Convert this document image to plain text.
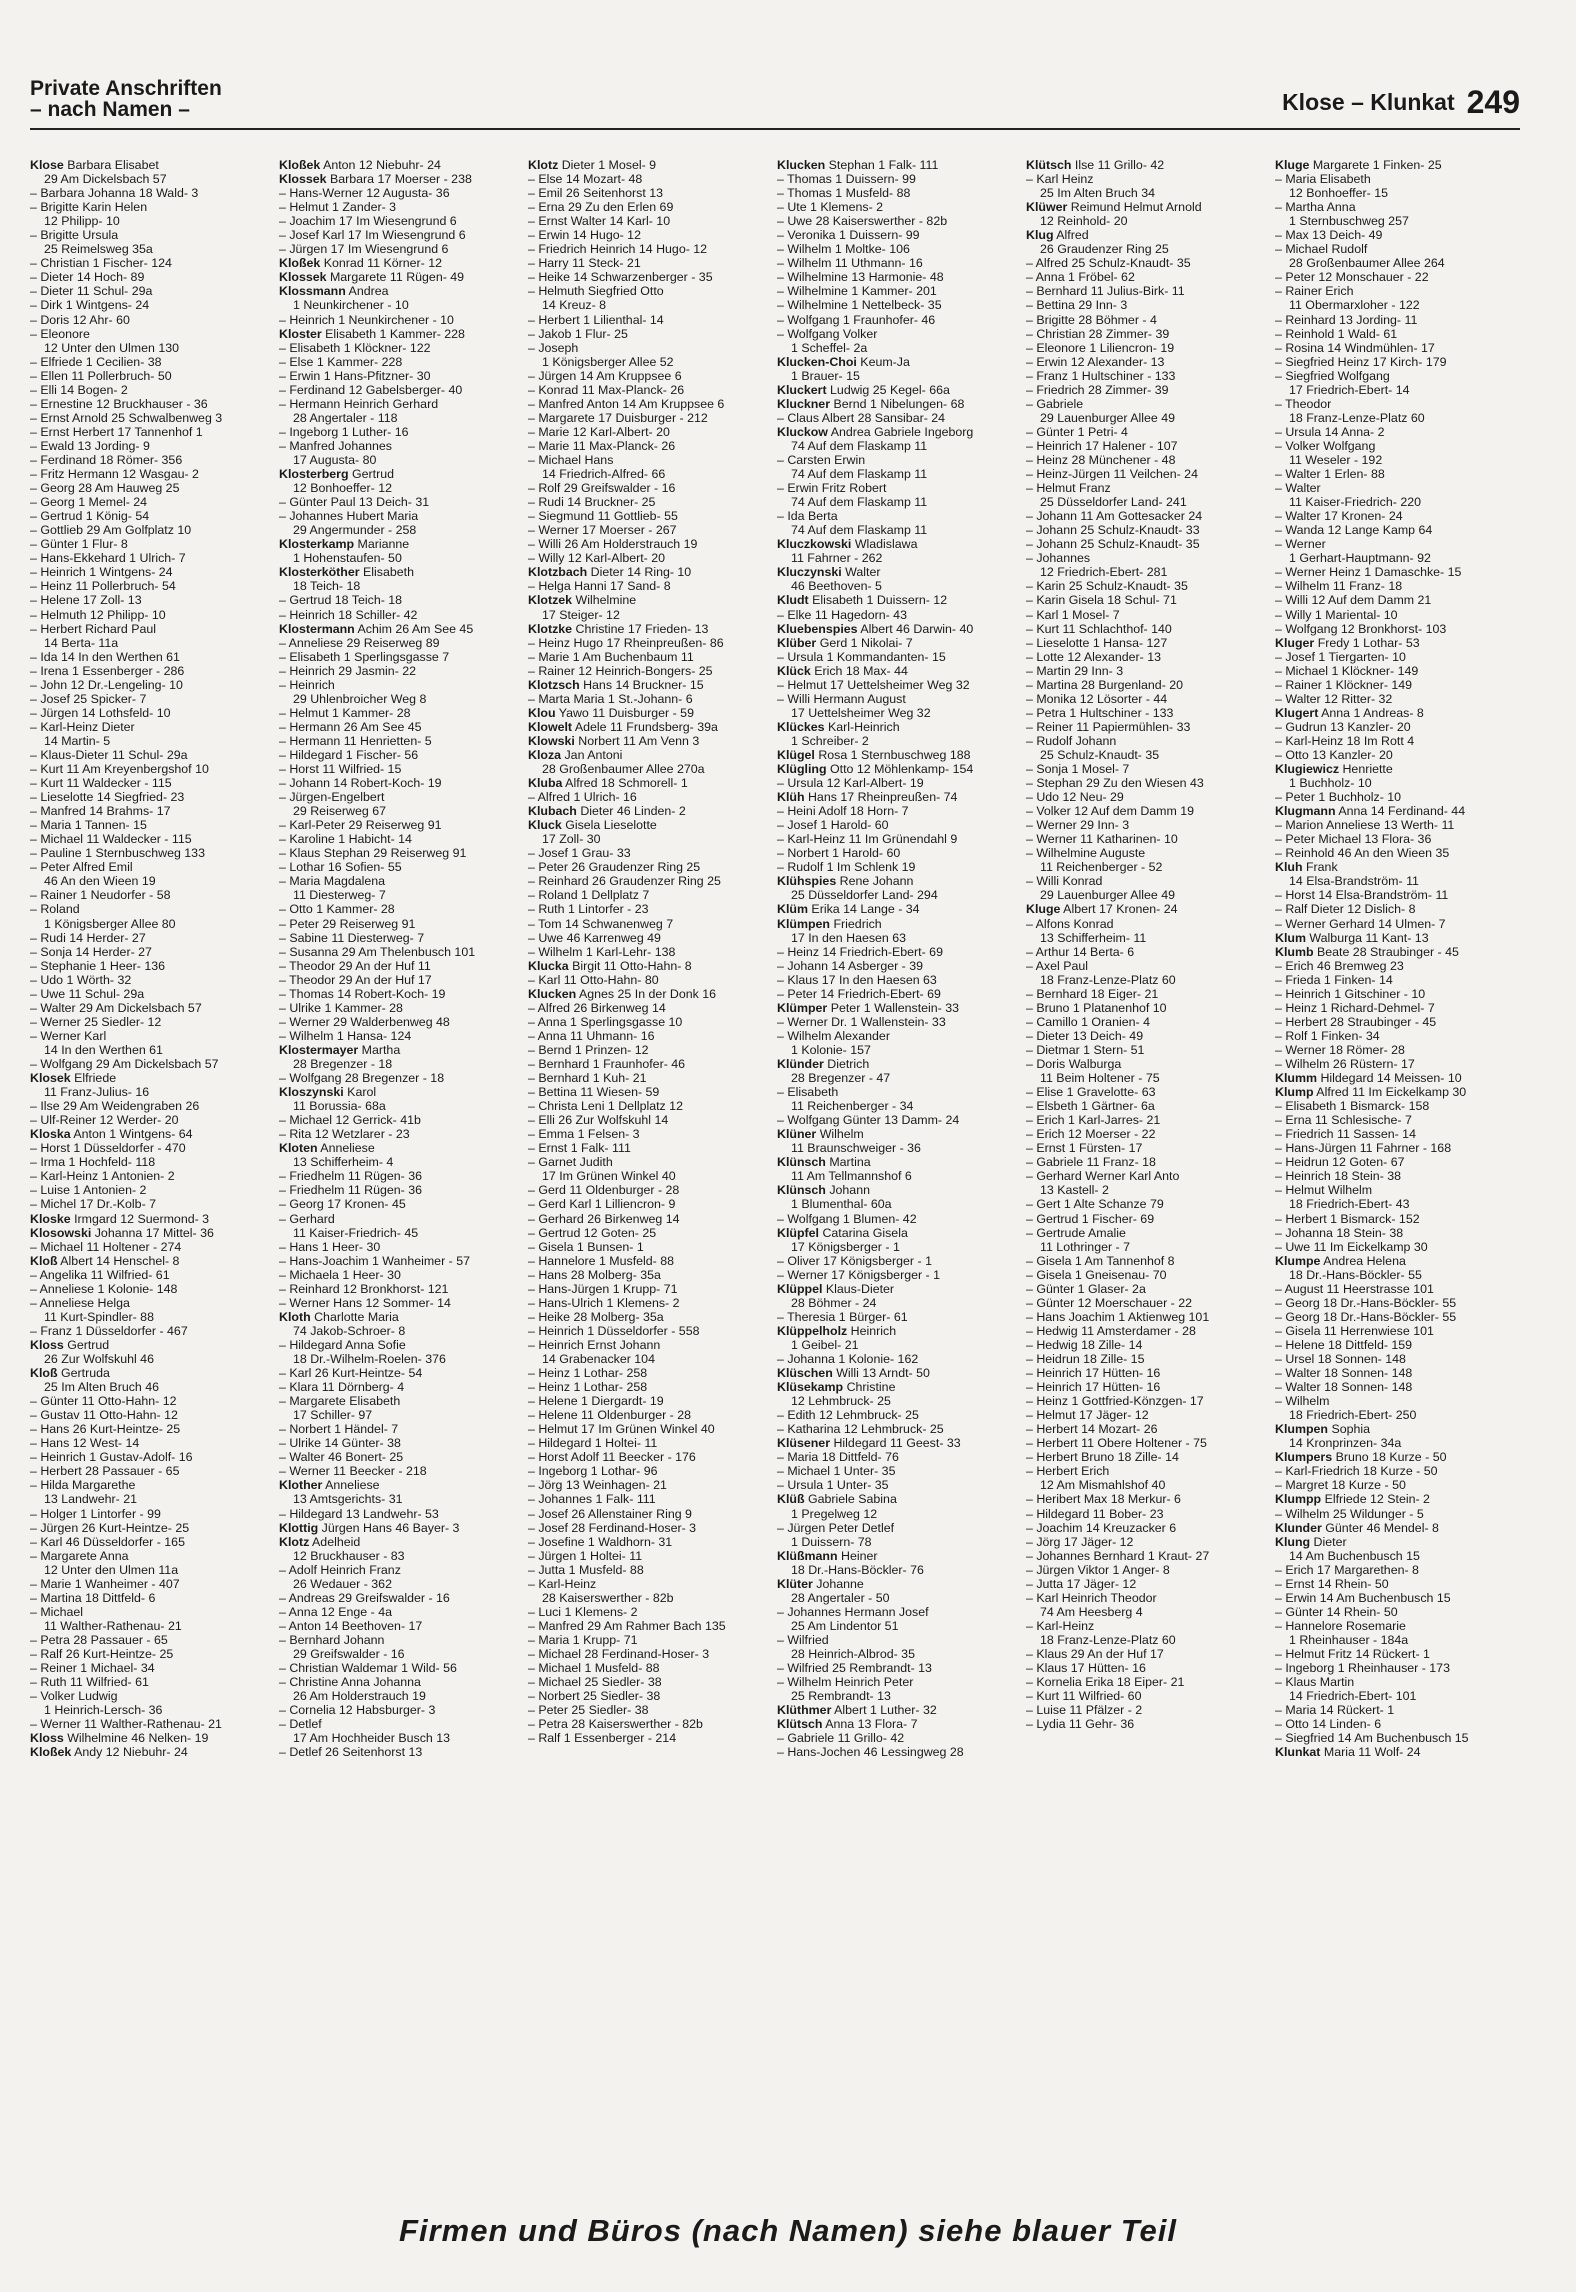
Private Anschriften
– nach Namen –	Klose – Klunkat 249
Klose Barbara Elisabet
29 Am Dickelsbach 57
– Barbara Johanna 18 Wald- 3
– Brigitte Karin Helen
12 Philipp- 10
– Brigitte Ursula
25 Reimelsweg 35a
– Christian 1 Fischer- 124
– Dieter 14 Hoch- 89
– Dieter 11 Schul- 29a
– Dirk 1 Wintgens- 24
– Doris 12 Ahr- 60
– Eleonore
12 Unter den Ulmen 130
– Elfriede 1 Cecilien- 38
– Ellen 11 Pollerbruch- 50
– Elli 14 Bogen- 2
– Ernestine 12 Bruckhauser - 36
– Ernst Arnold 25 Schwalbenweg 3
– Ernst Herbert 17 Tannenhof 1
– Ewald 13 Jording- 9
– Ferdinand 18 Römer- 356
– Fritz Hermann 12 Wasgau- 2
– Georg 28 Am Hauweg 25
– Georg 1 Memel- 24
– Gertrud 1 König- 54
– Gottlieb 29 Am Golfplatz 10
– Günter 1 Flur- 8
– Hans-Ekkehard 1 Ulrich- 7
– Heinrich 1 Wintgens- 24
– Heinz 11 Pollerbruch- 54
– Helene 17 Zoll- 13
– Helmuth 12 Philipp- 10
– Herbert Richard Paul
14 Berta- 11a
– Ida 14 In den Werthen 61
– Irena 1 Essenberger - 286
– John 12 Dr.-Lengeling- 10
– Josef 25 Spicker- 7
– Jürgen 14 Lothsfeld- 10
– Karl-Heinz Dieter
14 Martin- 5
– Klaus-Dieter 11 Schul- 29a
– Kurt 11 Am Kreyenbergshof 10
– Kurt 11 Waldecker - 115
– Lieselotte 14 Siegfried- 23
– Manfred 14 Brahms- 17
– Maria 1 Tannen- 15
– Michael 11 Waldecker - 115
– Pauline 1 Sternbuschweg 133
– Peter Alfred Emil
46 An den Wieen 19
– Rainer 1 Neudorfer - 58
– Roland
1 Königsberger Allee 80
– Rudi 14 Herder- 27
– Sonja 14 Herder- 27
– Stephanie 1 Heer- 136
– Udo 1 Wörth- 32
– Uwe 11 Schul- 29a
– Walter 29 Am Dickelsbach 57
– Werner 25 Siedler- 12
– Werner Karl
14 In den Werthen 61
– Wolfgang 29 Am Dickelsbach 57
Klosek Elfriede
11 Franz-Julius- 16
– Ilse 29 Am Weidengraben 26
– Ulf-Reiner 12 Werder- 20
Kloska Anton 1 Wintgens- 64
– Horst 1 Düsseldorfer - 470
– Irma 1 Hochfeld- 118
– Karl-Heinz 1 Antonien- 2
– Luise 1 Antonien- 2
– Michel 17 Dr.-Kolb- 7
Kloske Irmgard 12 Suermond- 3
Klosowski Johanna 17 Mittel- 36
– Michael 11 Holtener - 274
Kloß Albert 14 Henschel- 8
– Angelika 11 Wilfried- 61
– Anneliese 1 Kolonie- 148
– Anneliese Helga
11 Kurt-Spindler- 88
– Franz 1 Düsseldorfer - 467
Kloss Gertrud
26 Zur Wolfskuhl 46
Kloß Gertruda
25 Im Alten Bruch 46
– Günter 11 Otto-Hahn- 12
– Gustav 11 Otto-Hahn- 12
– Hans 26 Kurt-Heintze- 25
– Hans 12 West- 14
– Heinrich 1 Gustav-Adolf- 16
– Herbert 28 Passauer - 65
– Hilda Margarethe
13 Landwehr- 21
– Holger 1 Lintorfer - 99
– Jürgen 26 Kurt-Heintze- 25
– Karl 46 Düsseldorfer - 165
– Margarete Anna
12 Unter den Ulmen 11a
– Marie 1 Wanheimer - 407
– Martina 18 Dittfeld- 6
– Michael
11 Walther-Rathenau- 21
– Petra 28 Passauer - 65
– Ralf 26 Kurt-Heintze- 25
– Reiner 1 Michael- 34
– Ruth 11 Wilfried- 61
– Volker Ludwig
1 Heinrich-Lersch- 36
– Werner 11 Walther-Rathenau- 21
Kloss Wilhelmine 46 Nelken- 19
Kloßek Andy 12 Niebuhr- 24
Kloßek Anton 12 Niebuhr- 24
Klossek Barbara 17 Moerser - 238
– Hans-Werner 12 Augusta- 36
– Helmut 1 Zander- 3
– Joachim 17 Im Wiesengrund 6
– Josef Karl 17 Im Wiesengrund 6
– Jürgen 17 Im Wiesengrund 6
Kloßek Konrad 11 Körner- 12
Klossek Margarete 11 Rügen- 49
Klossmann Andrea
1 Neunkirchener - 10
– Heinrich 1 Neunkirchener - 10
Kloster Elisabeth 1 Kammer- 228
– Elisabeth 1 Klöckner- 122
– Else 1 Kammer- 228
– Erwin 1 Hans-Pfitzner- 30
– Ferdinand 12 Gabelsberger- 40
– Hermann Heinrich Gerhard
28 Angertaler - 118
– Ingeborg 1 Luther- 16
– Manfred Johannes
17 Augusta- 80
Klosterberg Gertrud
12 Bonhoeffer- 12
– Günter Paul 13 Deich- 31
– Johannes Hubert Maria
29 Angermunder - 258
Klosterkamp Marianne
1 Hohenstaufen- 50
Klosterköther Elisabeth
18 Teich- 18
– Gertrud 18 Teich- 18
– Heinrich 18 Schiller- 42
Klostermann Achim 26 Am See 45
– Anneliese 29 Reiserweg 89
– Elisabeth 1 Sperlingsgasse 7
– Heinrich 29 Jasmin- 22
– Heinrich
29 Uhlenbroicher Weg 8
– Helmut 1 Kammer- 28
– Hermann 26 Am See 45
– Hermann 11 Henrietten- 5
– Hildegard 1 Fischer- 56
– Horst 11 Wilfried- 15
– Johann 14 Robert-Koch- 19
– Jürgen-Engelbert
29 Reiserweg 67
– Karl-Peter 29 Reiserweg 91
– Karoline 1 Habicht- 14
– Klaus Stephan 29 Reiserweg 91
– Lothar 16 Sofien- 55
– Maria Magdalena
11 Diesterweg- 7
– Otto 1 Kammer- 28
– Peter 29 Reiserweg 91
– Sabine 11 Diesterweg- 7
– Susanna 29 Am Thelenbusch 101
– Theodor 29 An der Huf 11
– Theodor 29 An der Huf 17
– Thomas 14 Robert-Koch- 19
– Ulrike 1 Kammer- 28
– Werner 29 Walderbenweg 48
– Wilhelm 1 Hansa- 124
Klostermayer Martha
28 Bregenzer - 18
– Wolfgang 28 Bregenzer - 18
Kloszynski Karol
11 Borussia- 68a
– Michael 12 Gerrick- 41b
– Rita 12 Wetzlarer - 23
Kloten Anneliese
13 Schifferheim- 4
– Friedhelm 11 Rügen- 36
– Friedhelm 11 Rügen- 36
– Georg 17 Kronen- 45
– Gerhard
11 Kaiser-Friedrich- 45
– Hans 1 Heer- 30
– Hans-Joachim 1 Wanheimer - 57
– Michaela 1 Heer- 30
– Reinhard 12 Bronkhorst- 121
– Werner Hans 12 Sommer- 14
Kloth Charlotte Maria
74 Jakob-Schroer- 8
– Hildegard Anna Sofie
18 Dr.-Wilhelm-Roelen- 376
– Karl 26 Kurt-Heintze- 54
– Klara 11 Dörnberg- 4
– Margarete Elisabeth
17 Schiller- 97
– Norbert 1 Händel- 7
– Ulrike 14 Günter- 38
– Walter 46 Bonert- 25
– Werner 11 Beecker - 218
Klother Anneliese
13 Amtsgerichts- 31
– Hildegard 13 Landwehr- 53
Klottig Jürgen Hans 46 Bayer- 3
Klotz Adelheid
12 Bruckhauser - 83
– Adolf Heinrich Franz
26 Wedauer - 362
– Andreas 29 Greifswalder - 16
– Anna 12 Enge - 4a
– Anton 14 Beethoven- 17
– Bernhard Johann
29 Greifswalder - 16
– Christian Waldemar 1 Wild- 56
– Christine Anna Johanna
26 Am Holderstrauch 19
– Cornelia 12 Habsburger- 3
– Detlef
17 Am Hochheider Busch 13
– Detlef 26 Seitenhorst 13
Klotz Dieter 1 Mosel- 9
– Else 14 Mozart- 48
– Emil 26 Seitenhorst 13
– Erna 29 Zu den Erlen 69
– Ernst Walter 14 Karl- 10
– Erwin 14 Hugo- 12
– Friedrich Heinrich 14 Hugo- 12
– Harry 11 Steck- 21
– Heike 14 Schwarzenberger - 35
– Helmuth Siegfried Otto
14 Kreuz- 8
– Herbert 1 Lilienthal- 14
– Jakob 1 Flur- 25
– Joseph
1 Königsberger Allee 52
– Jürgen 14 Am Kruppsee 6
– Konrad 11 Max-Planck- 26
– Manfred Anton 14 Am Kruppsee 6
– Margarete 17 Duisburger - 212
– Marie 12 Karl-Albert- 20
– Marie 11 Max-Planck- 26
– Michael Hans
14 Friedrich-Alfred- 66
– Rolf 29 Greifswalder - 16
– Rudi 14 Bruckner- 25
– Siegmund 11 Gottlieb- 55
– Werner 17 Moerser - 267
– Willi 26 Am Holderstrauch 19
– Willy 12 Karl-Albert- 20
Klotzbach Dieter 14 Ring- 10
– Helga Hanni 17 Sand- 8
Klotzek Wilhelmine
17 Steiger- 12
Klotzke Christine 17 Frieden- 13
– Heinz Hugo 17 Rheinpreußen- 86
– Marie 1 Am Buchenbaum 11
– Rainer 12 Heinrich-Bongers- 25
Klotzsch Hans 14 Bruckner- 15
– Marta Maria 1 St.-Johann- 6
Klou Yawo 11 Duisburger - 59
Klowelt Adele 11 Frundsberg- 39a
Klowski Norbert 11 Am Venn 3
Kloza Jan Antoni
28 Großenbaumer Allee 270a
Kluba Alfred 18 Schmorell- 1
– Alfred 1 Ulrich- 16
Klubach Dieter 46 Linden- 2
Kluck Gisela Lieselotte
17 Zoll- 30
– Josef 1 Grau- 33
– Peter 26 Graudenzer Ring 25
– Reinhard 26 Graudenzer Ring 25
– Roland 1 Dellplatz 7
– Ruth 1 Lintorfer - 23
– Tom 14 Schwanenweg 7
– Uwe 46 Karrenweg 49
– Wilhelm 1 Karl-Lehr- 138
Klucka Birgit 11 Otto-Hahn- 8
– Karl 11 Otto-Hahn- 80
Klucken Agnes 25 In der Donk 16
– Alfred 26 Birkenweg 14
– Anna 1 Sperlingsgasse 10
– Anna 11 Uhmann- 16
– Bernd 1 Prinzen- 12
– Bernhard 1 Fraunhofer- 46
– Bernhard 1 Kuh- 21
– Bettina 11 Wiesen- 59
– Christa Leni 1 Dellplatz 12
– Elli 26 Zur Wolfskuhl 14
– Emma 1 Felsen- 3
– Ernst 1 Falk- 111
– Garnet Judith
17 Im Grünen Winkel 40
– Gerd 11 Oldenburger - 28
– Gerd Karl 1 Lilliencron- 9
– Gerhard 26 Birkenweg 14
– Gertrud 12 Goten- 25
– Gisela 1 Bunsen- 1
– Hannelore 1 Musfeld- 88
– Hans 28 Molberg- 35a
– Hans-Jürgen 1 Krupp- 71
– Hans-Ulrich 1 Klemens- 2
– Heike 28 Molberg- 35a
– Heinrich 1 Düsseldorfer - 558
– Heinrich Ernst Johann
14 Grabenacker 104
– Heinz 1 Lothar- 258
– Heinz 1 Lothar- 258
– Helene 1 Diergardt- 19
– Helene 11 Oldenburger - 28
– Helmut 17 Im Grünen Winkel 40
– Hildegard 1 Holtei- 11
– Horst Adolf 11 Beecker - 176
– Ingeborg 1 Lothar- 96
– Jörg 13 Weinhagen- 21
– Johannes 1 Falk- 111
– Josef 26 Allenstainer Ring 9
– Josef 28 Ferdinand-Hoser- 3
– Josefine 1 Waldhorn- 31
– Jürgen 1 Holtei- 11
– Jutta 1 Musfeld- 88
– Karl-Heinz
28 Kaiserswerther - 82b
– Luci 1 Klemens- 2
– Manfred 29 Am Rahmer Bach 135
– Maria 1 Krupp- 71
– Michael 28 Ferdinand-Hoser- 3
– Michael 1 Musfeld- 88
– Michael 25 Siedler- 38
– Norbert 25 Siedler- 38
– Peter 25 Siedler- 38
– Petra 28 Kaiserswerther - 82b
– Ralf 1 Essenberger - 214
Klucken Stephan 1 Falk- 111
– Thomas 1 Duissern- 99
– Thomas 1 Musfeld- 88
– Ute 1 Klemens- 2
– Uwe 28 Kaiserswerther - 82b
– Veronika 1 Duissern- 99
– Wilhelm 1 Moltke- 106
– Wilhelm 11 Uthmann- 16
– Wilhelmine 13 Harmonie- 48
– Wilhelmine 1 Kammer- 201
– Wilhelmine 1 Nettelbeck- 35
– Wolfgang 1 Fraunhofer- 46
– Wolfgang Volker
1 Scheffel- 2a
Klucken-Choi Keum-Ja
1 Brauer- 15
Kluckert Ludwig 25 Kegel- 66a
Kluckner Bernd 1 Nibelungen- 68
– Claus Albert 28 Sansibar- 24
Kluckow Andrea Gabriele Ingeborg
74 Auf dem Flaskamp 11
– Carsten Erwin
74 Auf dem Flaskamp 11
– Erwin Fritz Robert
74 Auf dem Flaskamp 11
– Ida Berta
74 Auf dem Flaskamp 11
Kluczkowski Wladislawa
11 Fahrner - 262
Kluczynski Walter
46 Beethoven- 5
Kludt Elisabeth 1 Duissern- 12
– Elke 11 Hagedorn- 43
Kluebenspies Albert 46 Darwin- 40
Klüber Gerd 1 Nikolai- 7
– Ursula 1 Kommandanten- 15
Klück Erich 18 Max- 44
– Helmut 17 Uettelsheimer Weg 32
– Willi Hermann August
17 Uettelsheimer Weg 32
Klückes Karl-Heinrich
1 Schreiber- 2
Klügel Rosa 1 Sternbuschweg 188
Klügling Otto 12 Möhlenkamp- 154
– Ursula 12 Karl-Albert- 19
Klüh Hans 17 Rheinpreußen- 74
– Heini Adolf 18 Horn- 7
– Josef 1 Harold- 60
– Karl-Heinz 11 Im Grünendahl 9
– Norbert 1 Harold- 60
– Rudolf 1 Im Schlenk 19
Klühspies Rene Johann
25 Düsseldorfer Land- 294
Klüm Erika 14 Lange - 34
Klümpen Friedrich
17 In den Haesen 63
– Heinz 14 Friedrich-Ebert- 69
– Johann 14 Asberger - 39
– Klaus 17 In den Haesen 63
– Peter 14 Friedrich-Ebert- 69
Klümper Peter 1 Wallenstein- 33
– Werner Dr. 1 Wallenstein- 33
– Wilhelm Alexander
1 Kolonie- 157
Klünder Dietrich
28 Bregenzer - 47
– Elisabeth
11 Reichenberger - 34
– Wolfgang Günter 13 Damm- 24
Klüner Wilhelm
11 Braunschweiger - 36
Klünsch Martina
11 Am Tellmannshof 6
Klünsch Johann
1 Blumenthal- 60a
– Wolfgang 1 Blumen- 42
Klüpfel Catarina Gisela
17 Königsberger - 1
– Oliver 17 Königsberger - 1
– Werner 17 Königsberger - 1
Klüppel Klaus-Dieter
28 Böhmer - 24
– Theresia 1 Bürger- 61
Klüppelholz Heinrich
1 Geibel- 21
– Johanna 1 Kolonie- 162
Klüschen Willi 13 Arndt- 50
Klüsekamp Christine
12 Lehmbruck- 25
– Edith 12 Lehmbruck- 25
– Katharina 12 Lehmbruck- 25
Klüsener Hildegard 11 Geest- 33
– Maria 18 Dittfeld- 76
– Michael 1 Unter- 35
– Ursula 1 Unter- 35
Klüß Gabriele Sabina
1 Pregelweg 12
– Jürgen Peter Detlef
1 Duissern- 78
Klüßmann Heiner
18 Dr.-Hans-Böckler- 76
Klüter Johanne
28 Angertaler - 50
– Johannes Hermann Josef
25 Am Lindentor 51
– Wilfried
28 Heinrich-Albrod- 35
– Wilfried 25 Rembrandt- 13
– Wilhelm Heinrich Peter
25 Rembrandt- 13
Klüthmer Albert 1 Luther- 32
Klütsch Anna 13 Flora- 7
– Gabriele 11 Grillo- 42
– Hans-Jochen 46 Lessingweg 28
Klütsch Ilse 11 Grillo- 42
– Karl Heinz
25 Im Alten Bruch 34
Klüwer Reimund Helmut Arnold
12 Reinhold- 20
Klug Alfred
26 Graudenzer Ring 25
– Alfred 25 Schulz-Knaudt- 35
– Anna 1 Fröbel- 62
– Bernhard 11 Julius-Birk- 11
– Bettina 29 Inn- 3
– Brigitte 28 Böhmer - 4
– Christian 28 Zimmer- 39
– Eleonore 1 Liliencron- 19
– Erwin 12 Alexander- 13
– Franz 1 Hultschiner - 133
– Friedrich 28 Zimmer- 39
– Gabriele
29 Lauenburger Allee 49
– Günter 1 Petri- 4
– Heinrich 17 Halener - 107
– Heinz 28 Münchener - 48
– Heinz-Jürgen 11 Veilchen- 24
– Helmut Franz
25 Düsseldorfer Land- 241
– Johann 11 Am Gottesacker 24
– Johann 25 Schulz-Knaudt- 33
– Johann 25 Schulz-Knaudt- 35
– Johannes
12 Friedrich-Ebert- 281
– Karin 25 Schulz-Knaudt- 35
– Karin Gisela 18 Schul- 71
– Karl 1 Mosel- 7
– Kurt 11 Schlachthof- 140
– Lieselotte 1 Hansa- 127
– Lotte 12 Alexander- 13
– Martin 29 Inn- 3
– Martina 28 Burgenland- 20
– Monika 12 Lösorter - 44
– Petra 1 Hultschiner - 133
– Reiner 11 Papiermühlen- 33
– Rudolf Johann
25 Schulz-Knaudt- 35
– Sonja 1 Mosel- 7
– Stephan 29 Zu den Wiesen 43
– Udo 12 Neu- 29
– Volker 12 Auf dem Damm 19
– Werner 29 Inn- 3
– Werner 11 Katharinen- 10
– Wilhelmine Auguste
11 Reichenberger - 52
– Willi Konrad
29 Lauenburger Allee 49
Kluge Albert 17 Kronen- 24
– Alfons Konrad
13 Schifferheim- 11
– Arthur 14 Berta- 6
– Axel Paul
18 Franz-Lenze-Platz 60
– Bernhard 18 Eiger- 21
– Bruno 1 Platanenhof 10
– Camillo 1 Oranien- 4
– Dieter 13 Deich- 49
– Dietmar 1 Stern- 51
– Doris Walburga
11 Beim Holtener - 75
– Elise 1 Gravelotte- 63
– Elsbeth 1 Gärtner- 6a
– Erich 1 Karl-Jarres- 21
– Erich 12 Moerser - 22
– Ernst 1 Fürsten- 17
– Gabriele 11 Franz- 18
– Gerhard Werner Karl Anto
13 Kastell- 2
– Gert 1 Alte Schanze 79
– Gertrud 1 Fischer- 69
– Gertrude Amalie
11 Lothringer - 7
– Gisela 1 Am Tannenhof 8
– Gisela 1 Gneisenau- 70
– Günter 1 Glaser- 2a
– Günter 12 Moerschauer - 22
– Hans Joachim 1 Aktienweg 101
– Hedwig 11 Amsterdamer - 28
– Hedwig 18 Zille- 14
– Heidrun 18 Zille- 15
– Heinrich 17 Hütten- 16
– Heinrich 17 Hütten- 16
– Heinz 1 Gottfried-Könzgen- 17
– Helmut 17 Jäger- 12
– Herbert 14 Mozart- 26
– Herbert 11 Obere Holtener - 75
– Herbert Bruno 18 Zille- 14
– Herbert Erich
12 Am Mismahlshof 40
– Heribert Max 18 Merkur- 6
– Hildegard 11 Bober- 23
– Joachim 14 Kreuzacker 6
– Jörg 17 Jäger- 12
– Johannes Bernhard 1 Kraut- 27
– Jürgen Viktor 1 Anger- 8
– Jutta 17 Jäger- 12
– Karl Heinrich Theodor
74 Am Heesberg 4
– Karl-Heinz
18 Franz-Lenze-Platz 60
– Klaus 29 An der Huf 17
– Klaus 17 Hütten- 16
– Kornelia Erika 18 Eiper- 21
– Kurt 11 Wilfried- 60
– Luise 11 Pfälzer - 2
– Lydia 11 Gehr- 36
Kluge Margarete 1 Finken- 25
– Maria Elisabeth
12 Bonhoeffer- 15
– Martha Anna
1 Sternbuschweg 257
– Max 13 Deich- 49
– Michael Rudolf
28 Großenbaumer Allee 264
– Peter 12 Monschauer - 22
– Rainer Erich
11 Obermarxloher - 122
– Reinhard 13 Jording- 11
– Reinhold 1 Wald- 61
– Rosina 14 Windmühlen- 17
– Siegfried Heinz 17 Kirch- 179
– Siegfried Wolfgang
17 Friedrich-Ebert- 14
– Theodor
18 Franz-Lenze-Platz 60
– Ursula 14 Anna- 2
– Volker Wolfgang
11 Weseler - 192
– Walter 1 Erlen- 88
– Walter
11 Kaiser-Friedrich- 220
– Walter 17 Kronen- 24
– Wanda 12 Lange Kamp 64
– Werner
1 Gerhart-Hauptmann- 92
– Werner Heinz 1 Damaschke- 15
– Wilhelm 11 Franz- 18
– Willi 12 Auf dem Damm 21
– Willy 1 Mariental- 10
– Wolfgang 12 Bronkhorst- 103
Kluger Fredy 1 Lothar- 53
– Josef 1 Tiergarten- 10
– Michael 1 Klöckner- 149
– Rainer 1 Klöckner- 149
– Walter 12 Ritter- 32
Klugert Anna 1 Andreas- 8
– Gudrun 13 Kanzler- 20
– Karl-Heinz 18 Im Rott 4
– Otto 13 Kanzler- 20
Klugiewicz Henriette
1 Buchholz- 10
– Peter 1 Buchholz- 10
Klugmann Anna 14 Ferdinand- 44
– Marion Anneliese 13 Werth- 11
– Peter Michael 13 Flora- 36
– Reinhold 46 An den Wieen 35
Kluh Frank
14 Elsa-Brandström- 11
– Horst 14 Elsa-Brandström- 11
– Ralf Dieter 12 Dislich- 8
– Werner Gerhard 14 Ulmen- 7
Klum Walburga 11 Kant- 13
Klumb Beate 28 Straubinger - 45
– Erich 46 Bremweg 23
– Frieda 1 Finken- 14
– Heinrich 1 Gitschiner - 10
– Heinz 1 Richard-Dehmel- 7
– Herbert 28 Straubinger - 45
– Rolf 1 Finken- 34
– Werner 18 Römer- 28
– Wilhelm 26 Rüstern- 17
Klumm Hildegard 14 Meissen- 10
Klump Alfred 11 Im Eickelkamp 30
– Elisabeth 1 Bismarck- 158
– Erna 11 Schlesische- 7
– Friedrich 11 Sassen- 14
– Hans-Jürgen 11 Fahrner - 168
– Heidrun 12 Goten- 67
– Heinrich 18 Stein- 38
– Helmut Wilhelm
18 Friedrich-Ebert- 43
– Herbert 1 Bismarck- 152
– Johanna 18 Stein- 38
– Uwe 11 Im Eickelkamp 30
Klumpe Andrea Helena
18 Dr.-Hans-Böckler- 55
– August 11 Heerstrasse 101
– Georg 18 Dr.-Hans-Böckler- 55
– Georg 18 Dr.-Hans-Böckler- 55
– Gisela 11 Herrenwiese 101
– Helene 18 Dittfeld- 159
– Ursel 18 Sonnen- 148
– Walter 18 Sonnen- 148
– Walter 18 Sonnen- 148
– Wilhelm
18 Friedrich-Ebert- 250
Klumpen Sophia
14 Kronprinzen- 34a
Klumpers Bruno 18 Kurze - 50
– Karl-Friedrich 18 Kurze - 50
– Margret 18 Kurze - 50
Klumpp Elfriede 12 Stein- 2
– Wilhelm 25 Wildunger - 5
Klunder Günter 46 Mendel- 8
Klung Dieter
14 Am Buchenbusch 15
– Erich 17 Margarethen- 8
– Ernst 14 Rhein- 50
– Erwin 14 Am Buchenbusch 15
– Günter 14 Rhein- 50
– Hannelore Rosemarie
1 Rheinhauser - 184a
– Helmut Fritz 14 Rückert- 1
– Ingeborg 1 Rheinhauser - 173
– Klaus Martin
14 Friedrich-Ebert- 101
– Maria 14 Rückert- 1
– Otto 14 Linden- 6
– Siegfried 14 Am Buchenbusch 15
Klunkat Maria 11 Wolf- 24
Firmen und Büros (nach Namen) siehe blauer Teil
